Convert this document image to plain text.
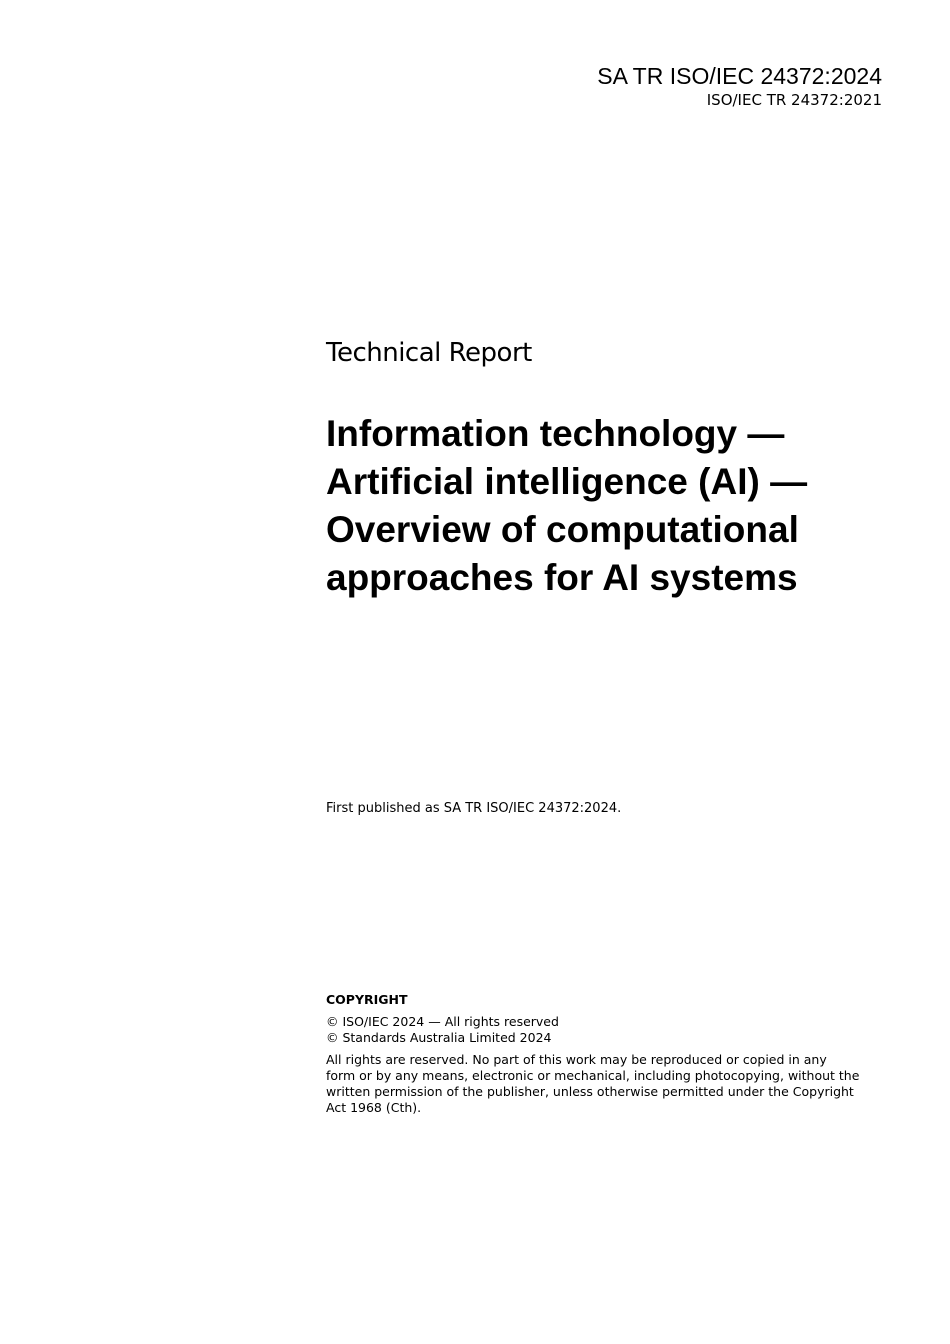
SA TR ISO/IEC 24372:2024
ISO/IEC TR 24372:2021
Technical Report
Information technology —
Artificial intelligence (AI) —
Overview of computational
approaches for AI systems
First published as SA TR ISO/IEC 24372:2024.
COPYRIGHT
© ISO/IEC 2024 — All rights reserved
© Standards Australia Limited 2024
All rights are reserved. No part of this work may be reproduced or copied in any
form or by any means, electronic or mechanical, including photocopying, without the
written permission of the publisher, unless otherwise permitted under the Copyright
Act 1968 (Cth).
